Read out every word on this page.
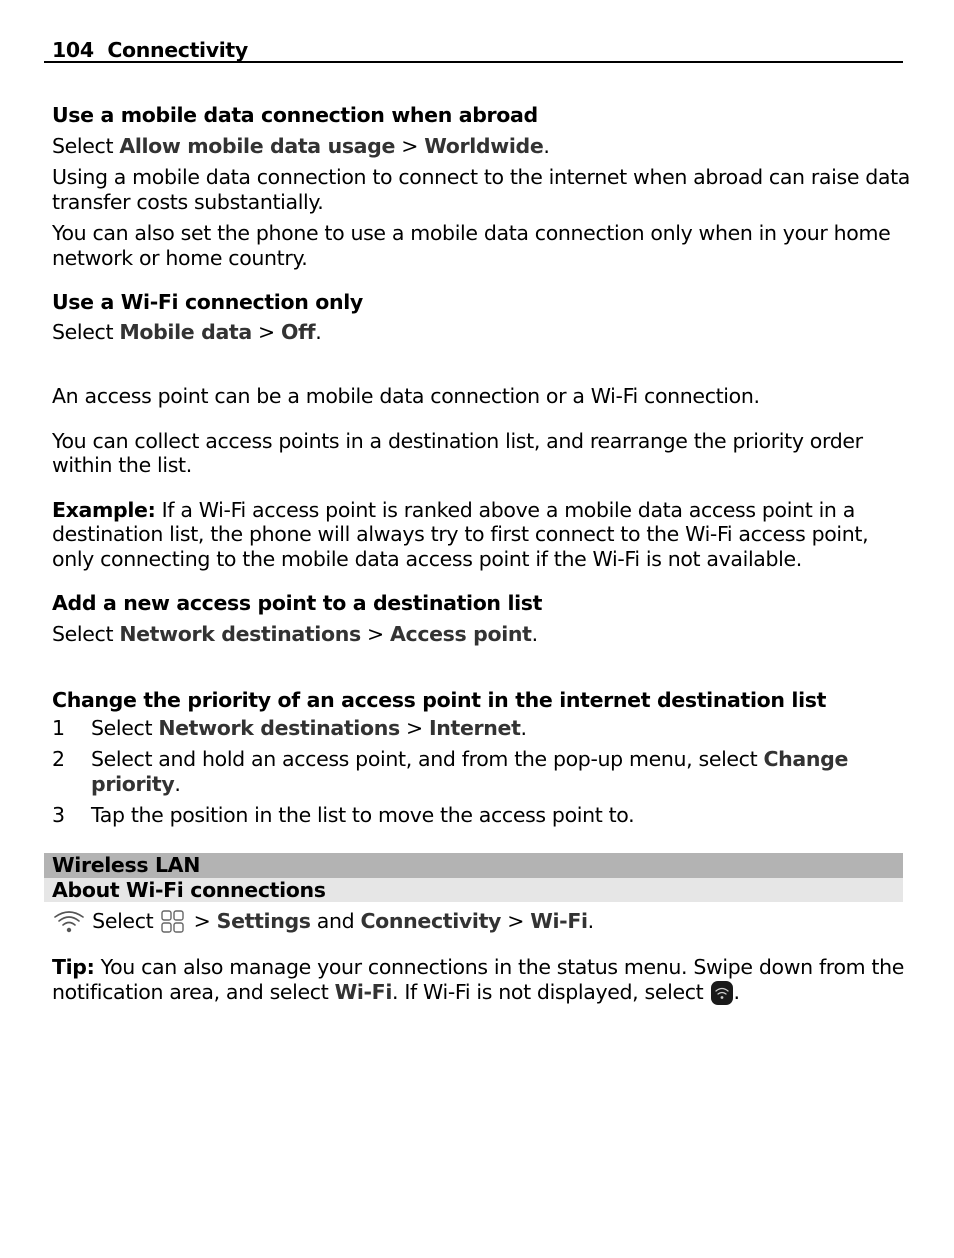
104 Connectivity
Use a mobile data connection when abroad
Select Allow mobile data usage > Worldwide.
Using a mobile data connection to connect to the internet when abroad can raise data
transfer costs substantially.
You can also set the phone to use a mobile data connection only when in your home
network or home country.
Use a Wi-Fi connection only
Select Mobile data > Off.
An access point can be a mobile data connection or a Wi-Fi connection.
You can collect access points in a destination list, and rearrange the priority order
within the list.
Example: If a Wi-Fi access point is ranked above a mobile data access point in a
destination list, the phone will always try to first connect to the Wi-Fi access point,
only connecting to the mobile data access point if the Wi-Fi is not available.
Add a new access point to a destination list
Select Network destinations > Access point.
Change the priority of an access point in the internet destination list
1 Select Network destinations > Internet.
2 Select and hold an access point, and from the pop-up menu, select Change
priority.
3 Tap the position in the list to move the access point to.
Wireless LAN
About Wi-Fi connections
Select  > Settings and Connectivity > Wi-Fi.
Tip: You can also manage your connections in the status menu. Swipe down from the
notification area, and select Wi-Fi. If Wi-Fi is not displayed, select .
